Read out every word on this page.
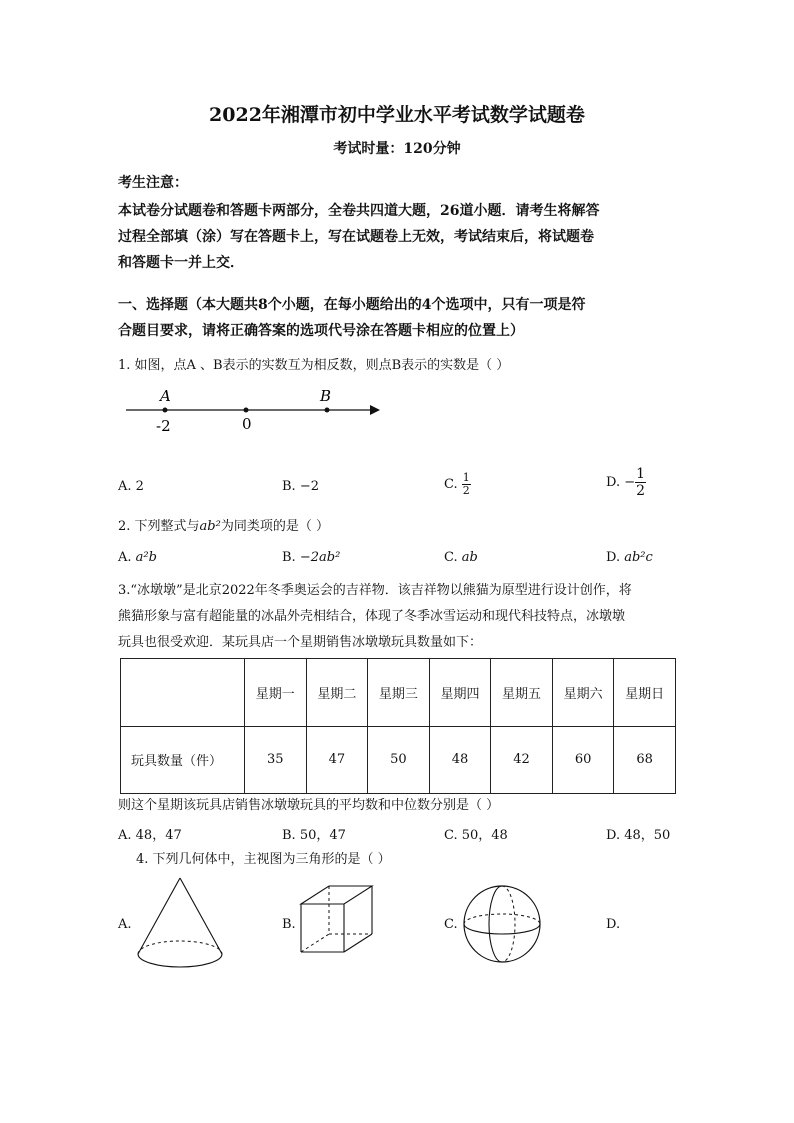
2022年湘潭市初中学业水平考试数学试题卷
考试时量：120分钟
考生注意：
本试卷分试题卷和答题卡两部分，全卷共四道大题，26道小题．请考生将解答
过程全部填（涂）写在答题卡上，写在试题卷上无效，考试结束后，将试题卷
和答题卡一并上交．
一、选择题（本大题共8个小题，在每小题给出的4个选项中，只有一项是符
合题目要求，请将正确答案的选项代号涂在答题卡相应的位置上）
1. 如图，点A 、B表示的实数互为相反数，则点B表示的实数是（ ）
A	B
-2	0
A. 2	B. −2	C. $\frac{1}{2}$	D. − $\frac{1}{2}$
2. 下列整式与ab²为同类项的是（ ）
A. a²b	B. −2ab²	C. ab	D. ab²c
3.“冰墩墩”是北京2022年冬季奥运会的吉祥物．该吉祥物以熊猫为原型进行设计创作，将
熊猫形象与富有超能量的冰晶外壳相结合，体现了冬季冰雪运动和现代科技特点，冰墩墩
玩具也很受欢迎．某玩具店一个星期销售冰墩墩玩具数量如下：
	星期一	星期二	星期三	星期四	星期五	星期六	星期日
玩具数量（件）	35	47	50	48	42	60	68
则这个星期该玩具店销售冰墩墩玩具的平均数和中位数分别是（ ）
A. 48，47	B. 50，47	C. 50，48	D. 48，50
4. 下列几何体中，主视图为三角形的是（ ）
A.	B.	C.	D.
